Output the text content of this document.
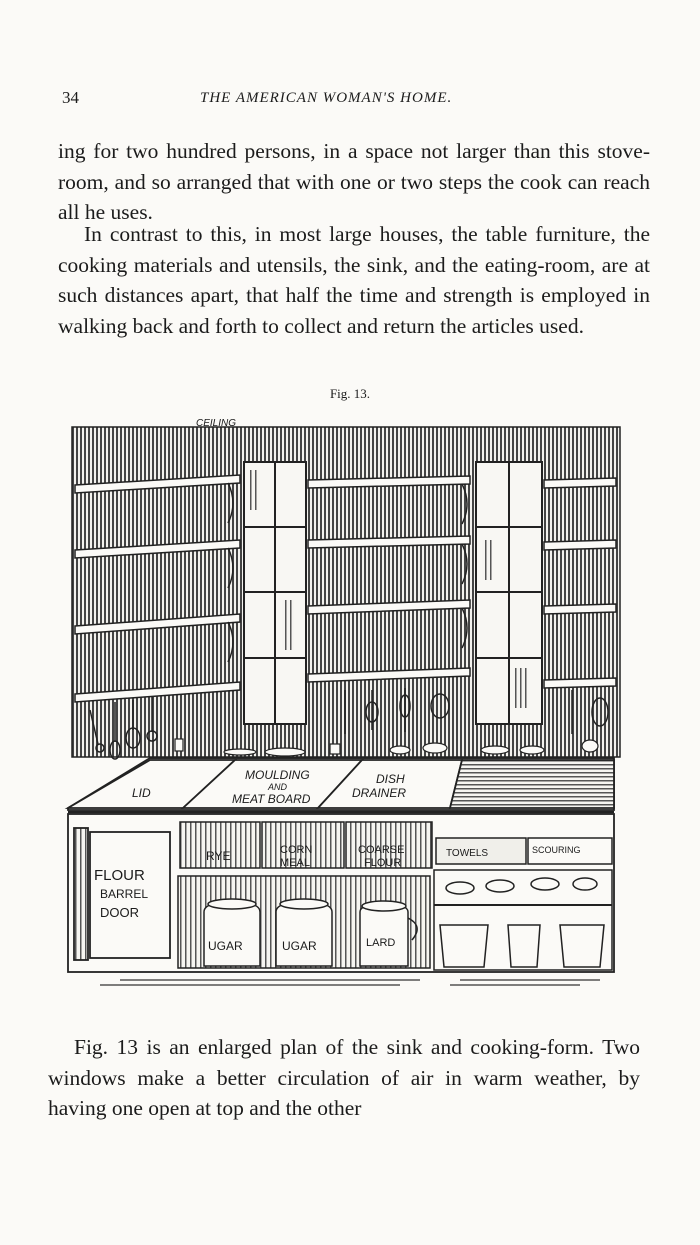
34	THE AMERICAN WOMAN'S HOME.

ing for two hundred persons, in a space not larger than this stove-room, and so arranged that with one or two steps the cook can reach all he uses.

In contrast to this, in most large houses, the table furniture, the cooking materials and utensils, the sink, and the eating-room, are at such distances apart, that half the time and strength is employed in walking back and forth to collect and return the articles used.

Fig. 13.
CEILING
LID
MOULDING
AND
MEAT BOARD
DISH
DRAINER
FLOUR
BARREL
DOOR
RYE	CORN
MEAL
COARSE
FLOUR
TOWELS	SCOURING
UGAR	UGAR	LARD

Fig. 13 is an enlarged plan of the sink and cooking-form. Two windows make a better circulation of air in warm weather, by having one open at top and the other
